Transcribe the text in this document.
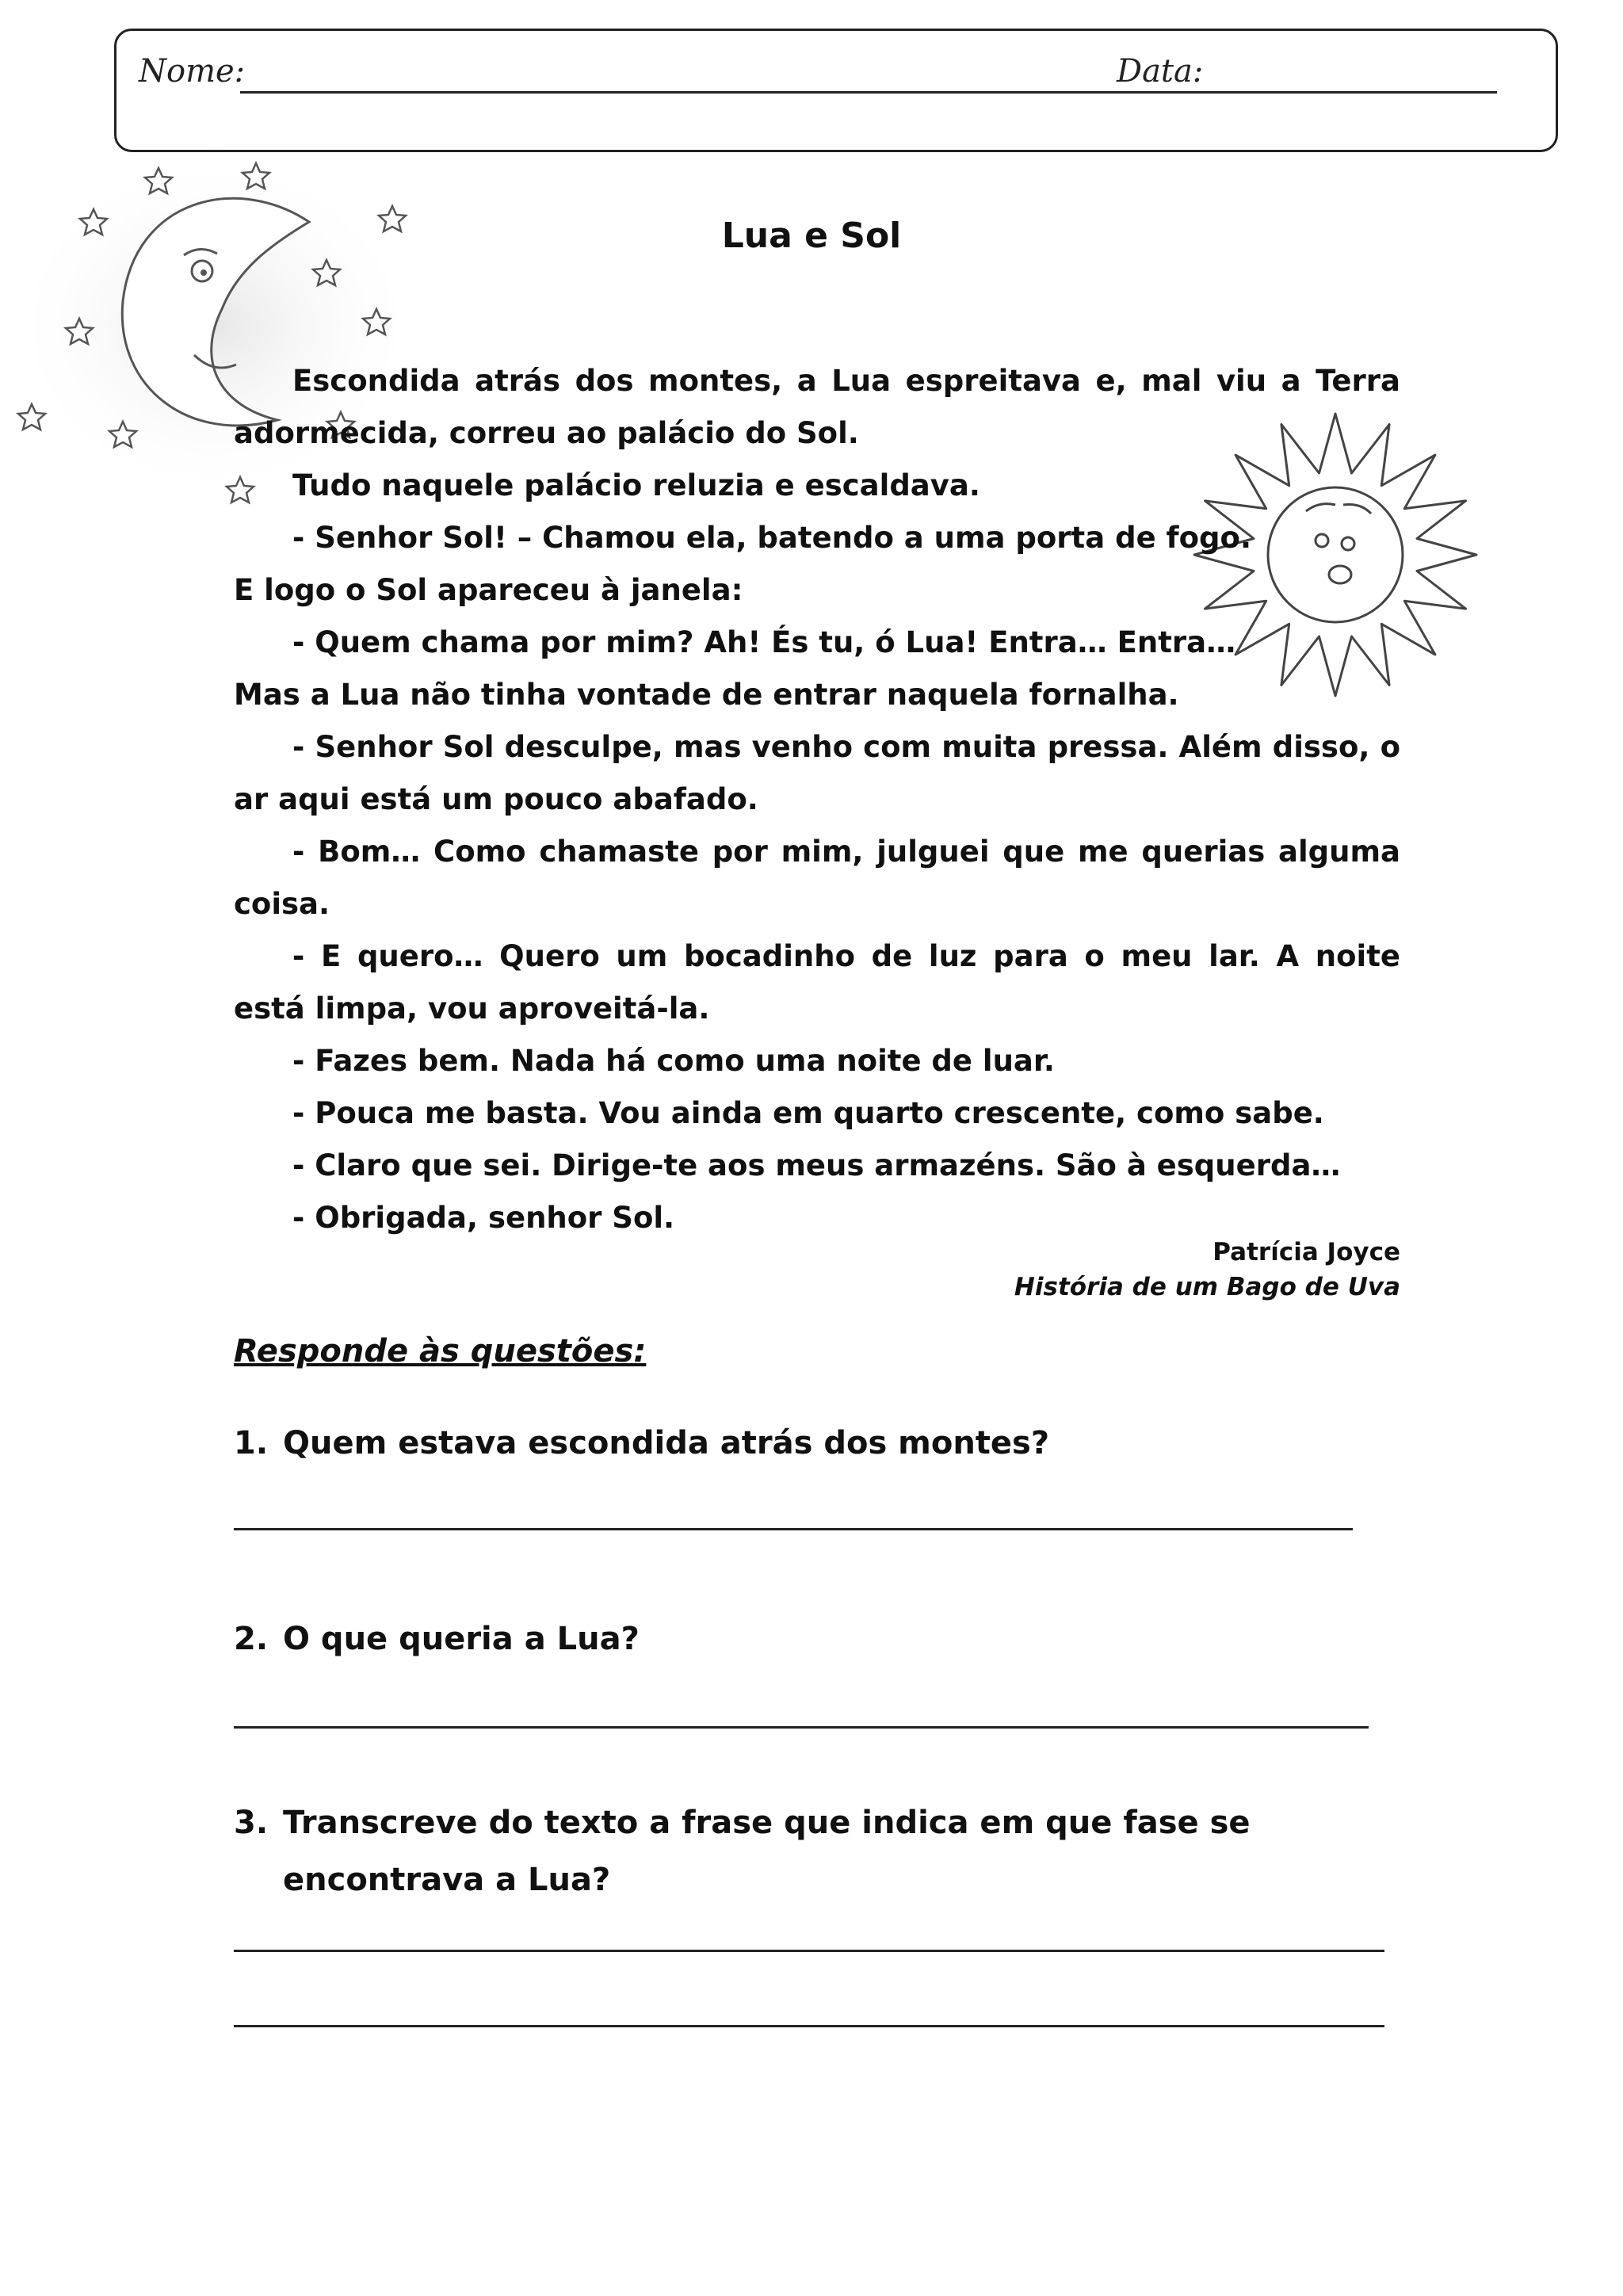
Nome:	Data:
Lua e Sol

Escondida atrás dos montes, a Lua espreitava e, mal viu a Terra adormecida, correu ao palácio do Sol.

Tudo naquele palácio reluzia e escaldava.

- Senhor Sol! – Chamou ela, batendo a uma porta de fogo.

E logo o Sol apareceu à janela:

- Quem chama por mim? Ah! És tu, ó Lua! Entra… Entra…

Mas a Lua não tinha vontade de entrar naquela fornalha.

- Senhor Sol desculpe, mas venho com muita pressa. Além disso, o ar aqui está um pouco abafado.

- Bom… Como chamaste por mim, julguei que me querias alguma coisa.

- E quero… Quero um bocadinho de luz para o meu lar. A noite está limpa, vou aproveitá-la.

- Fazes bem. Nada há como uma noite de luar.

- Pouca me basta. Vou ainda em quarto crescente, como sabe.

- Claro que sei. Dirige-te aos meus armazéns. São à esquerda…

- Obrigada, senhor Sol.

Patrícia Joyce
História de um Bago de Uva
Responde às questões:
1. Quem estava escondida atrás dos montes?
2. O que queria a Lua?
3. Transcreve do texto a frase que indica em que fase se encontrava a Lua?
